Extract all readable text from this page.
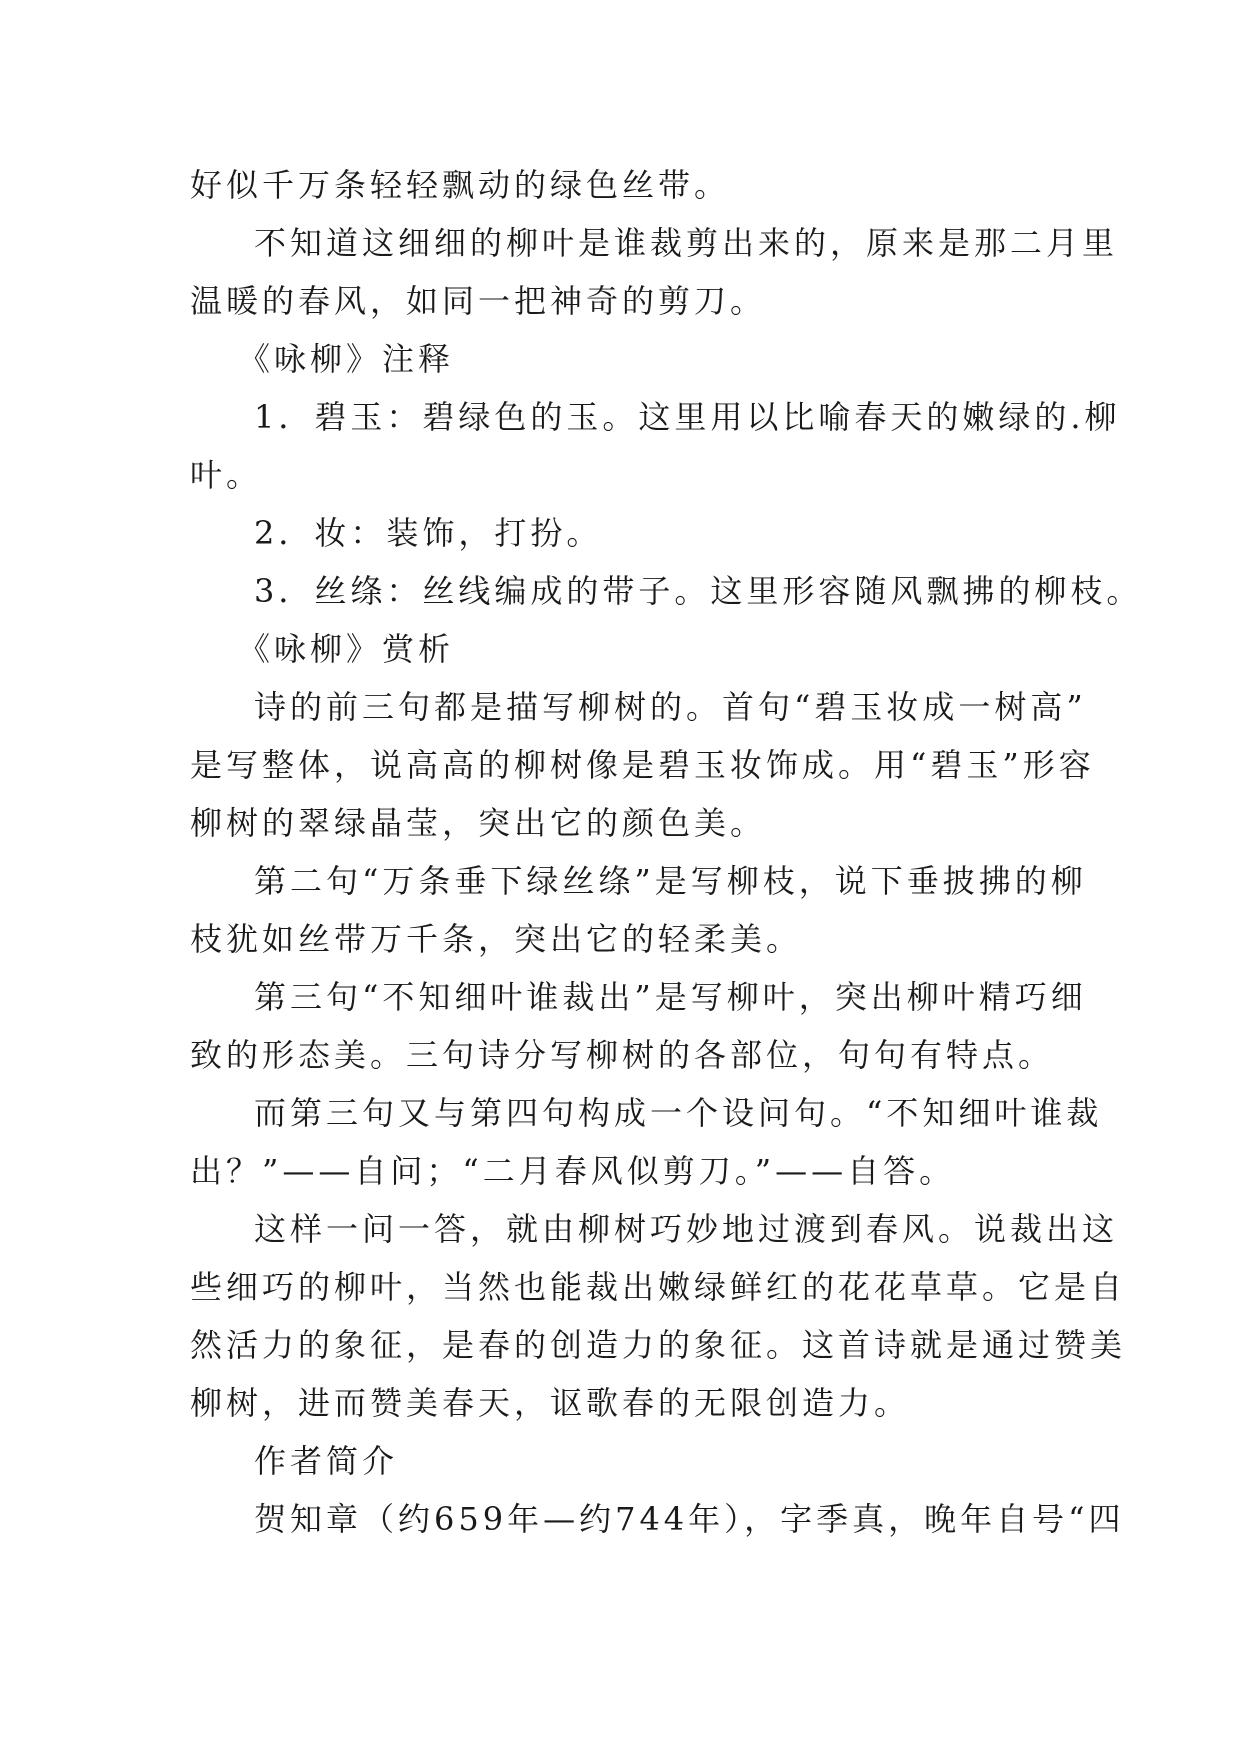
好似千万条轻轻飘动的绿色丝带。
不知道这细细的柳叶是谁裁剪出来的，原来是那二月里
温暖的春风，如同一把神奇的剪刀。
《咏柳》注释
1．碧玉：碧绿色的玉。这里用以比喻春天的嫩绿的.柳
叶。
2．妆：装饰，打扮。
3．丝绦：丝线编成的带子。这里形容随风飘拂的柳枝。
《咏柳》赏析
诗的前三句都是描写柳树的。首句“碧玉妆成一树高”
是写整体，说高高的柳树像是碧玉妆饰成。用“碧玉”形容
柳树的翠绿晶莹，突出它的颜色美。
第二句“万条垂下绿丝绦”是写柳枝，说下垂披拂的柳
枝犹如丝带万千条，突出它的轻柔美。
第三句“不知细叶谁裁出”是写柳叶，突出柳叶精巧细
致的形态美。三句诗分写柳树的各部位，句句有特点。
而第三句又与第四句构成一个设问句。“不知细叶谁裁
出？”——自问；“二月春风似剪刀。”——自答。
这样一问一答，就由柳树巧妙地过渡到春风。说裁出这
些细巧的柳叶，当然也能裁出嫩绿鲜红的花花草草。它是自
然活力的象征，是春的创造力的象征。这首诗就是通过赞美
柳树，进而赞美春天，讴歌春的无限创造力。
作者简介
贺知章（约659年—约744年），字季真，晚年自号“四
